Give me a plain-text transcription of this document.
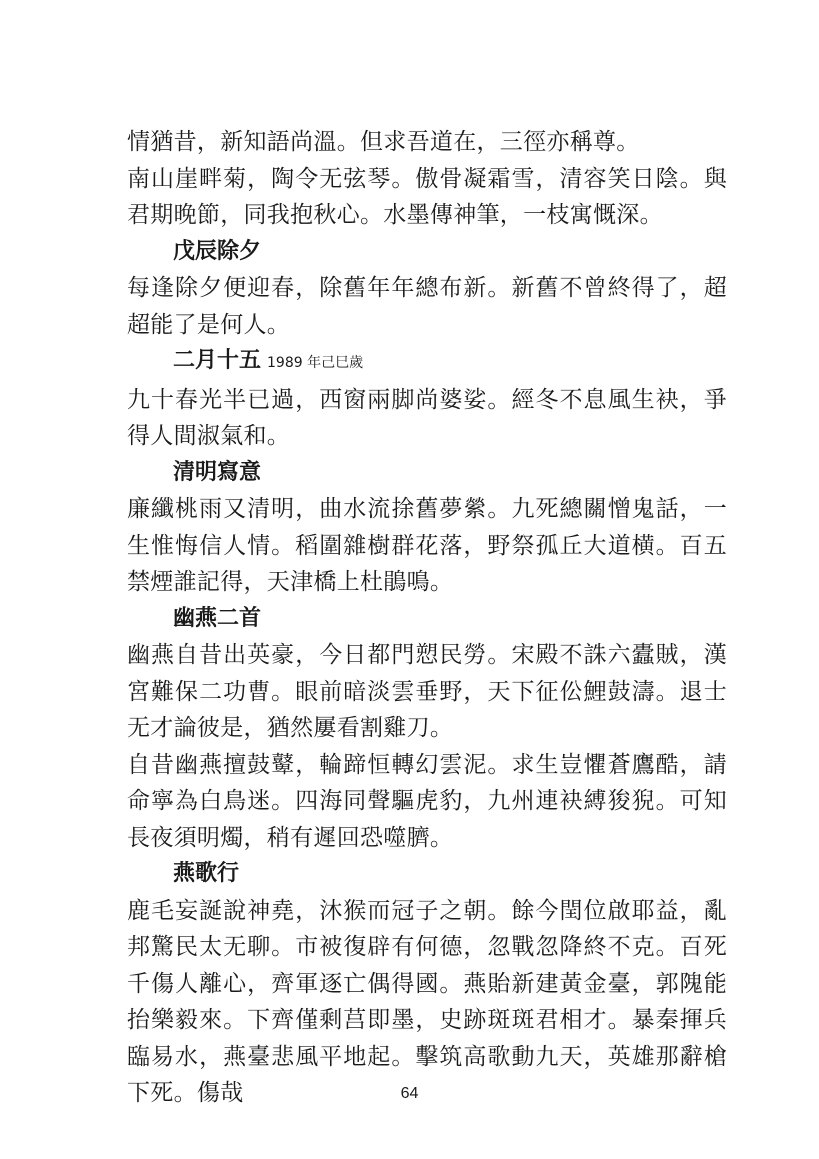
情猶昔，新知語尚溫。但求吾道在，三徑亦稱尊。

南山崖畔菊，陶令无弦琴。傲骨凝霜雪，清容笑日陰。與君期晚節，同我抱秋心。水墨傳神筆，一枝寓慨深。

戊辰除夕

每逢除夕便迎春，除舊年年總布新。新舊不曾終得了，超超能了是何人。

二月十五 1989 年己巳歲

九十春光半已過，西窗兩脚尚婆娑。經冬不息風生袂，爭得人間淑氣和。

清明寫意

廉纖桃雨又清明，曲水流捈舊夢縈。九死總關憎鬼話，一生惟悔信人情。稻圍雜樹群花落，野祭孤丘大道横。百五禁煙誰記得，天津橋上杜鵑鳴。

幽燕二首

幽燕自昔出英豪，今日都門愬民勞。宋殿不誅六蠹賊，漢宮難保二功曹。眼前暗淡雲垂野，天下征伀鯉鼓濤。退士无才論彼是，猶然屢看割雞刀。

自昔幽燕擅鼓鼙，輪蹄恒轉幻雲泥。求生豈懼蒼鷹酷，請命寧為白鳥迷。四海同聲驅虎豹，九州連袂縛狻猊。可知長夜須明燭，稍有遲回恐噬臍。

燕歌行

鹿毛妄誕說神堯，沐猴而冠子之朝。餘今閏位啟耶益，亂邦驚民太无聊。市被復辟有何德，忽戰忽降終不克。百死千傷人離心，齊軍逐亡偶得國。燕貽新建黃金臺，郭隗能抬樂毅來。下齊僅剩莒即墨，史跡斑斑君相才。暴秦揮兵臨易水，燕臺悲風平地起。擊筑高歌動九天，英雄那辭槍下死。傷哉	64
